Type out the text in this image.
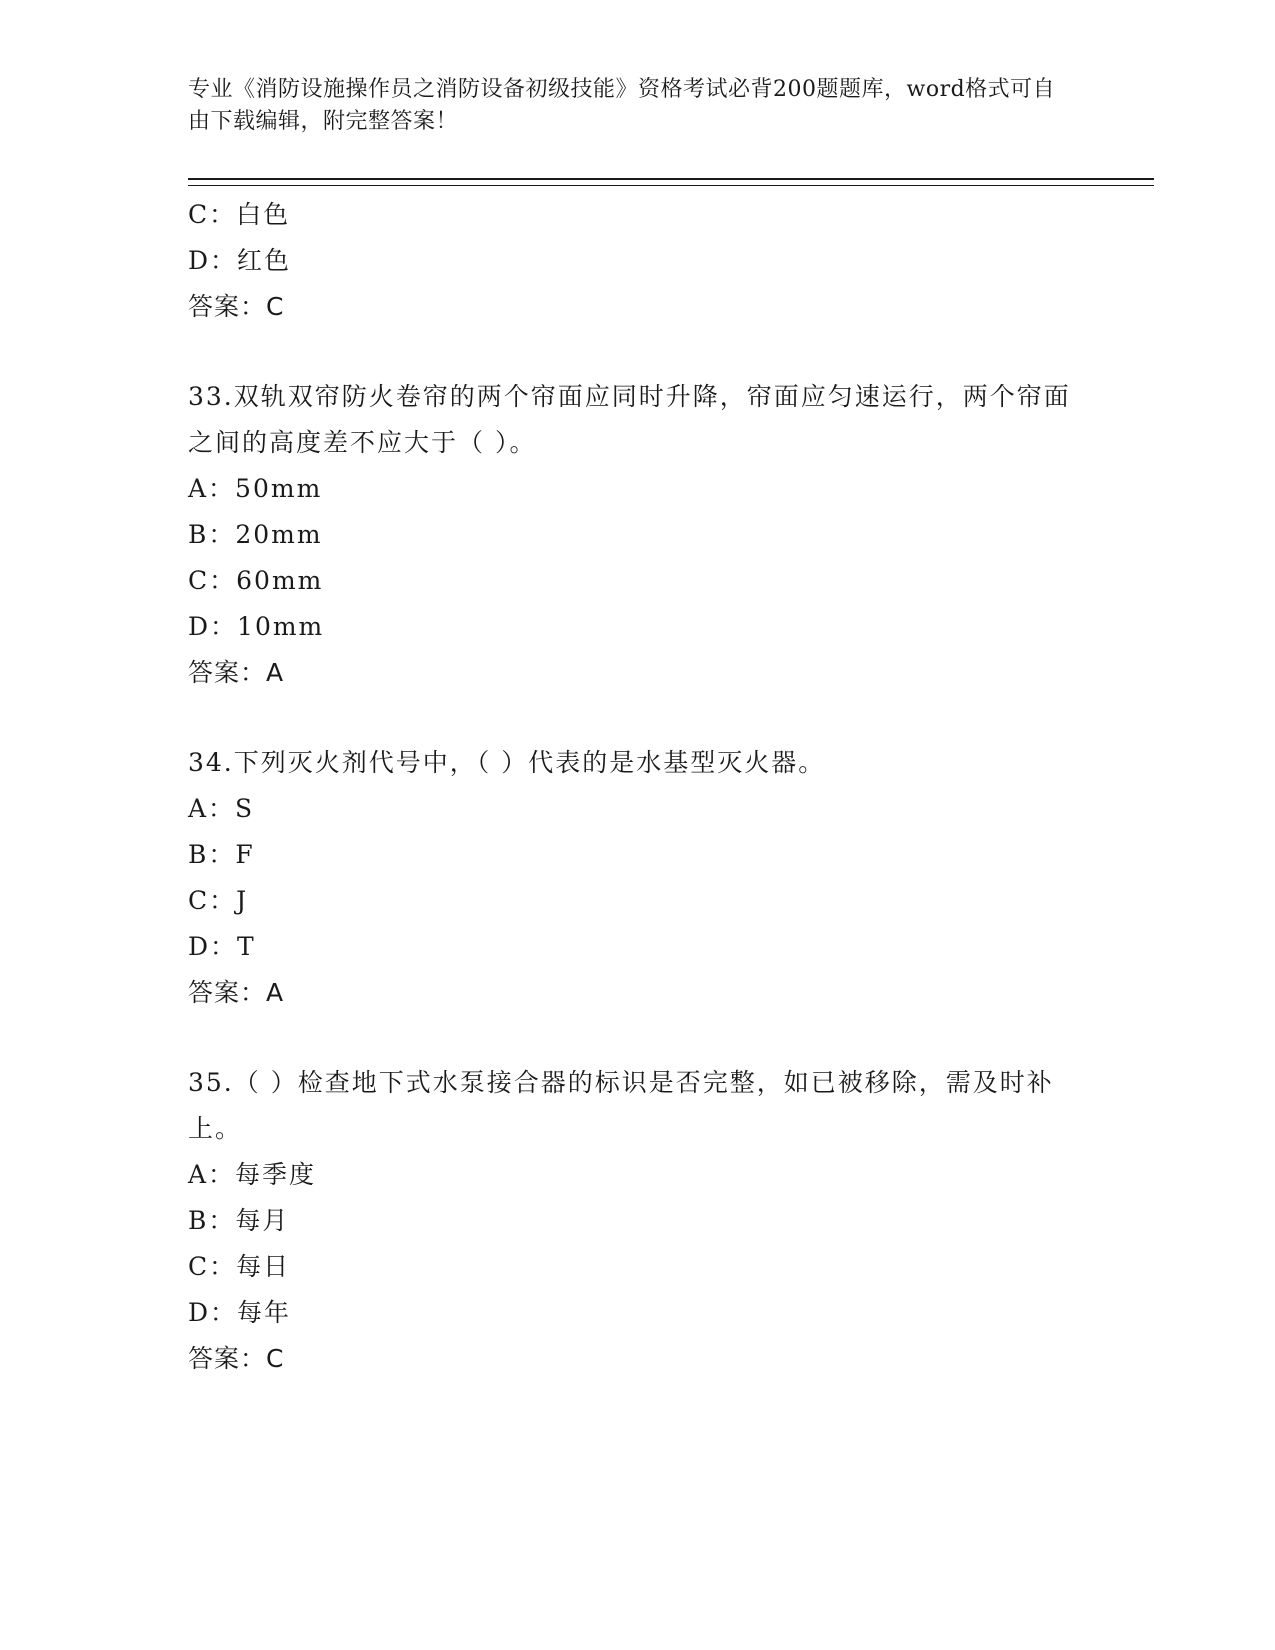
专业《消防设施操作员之消防设备初级技能》资格考试必背200题题库，word格式可自由下载编辑，附完整答案！
C：白色
D：红色
答案：C
33.双轨双帘防火卷帘的两个帘面应同时升降，帘面应匀速运行，两个帘面之间的高度差不应大于（ ）。
A：50mm
B：20mm
C：60mm
D：10mm
答案：A
34.下列灭火剂代号中，（ ）代表的是水基型灭火器。
A：S
B：F
C：J
D：T
答案：A
35.（ ）检查地下式水泵接合器的标识是否完整，如已被移除，需及时补上。
A：每季度
B：每月
C：每日
D：每年
答案：C
